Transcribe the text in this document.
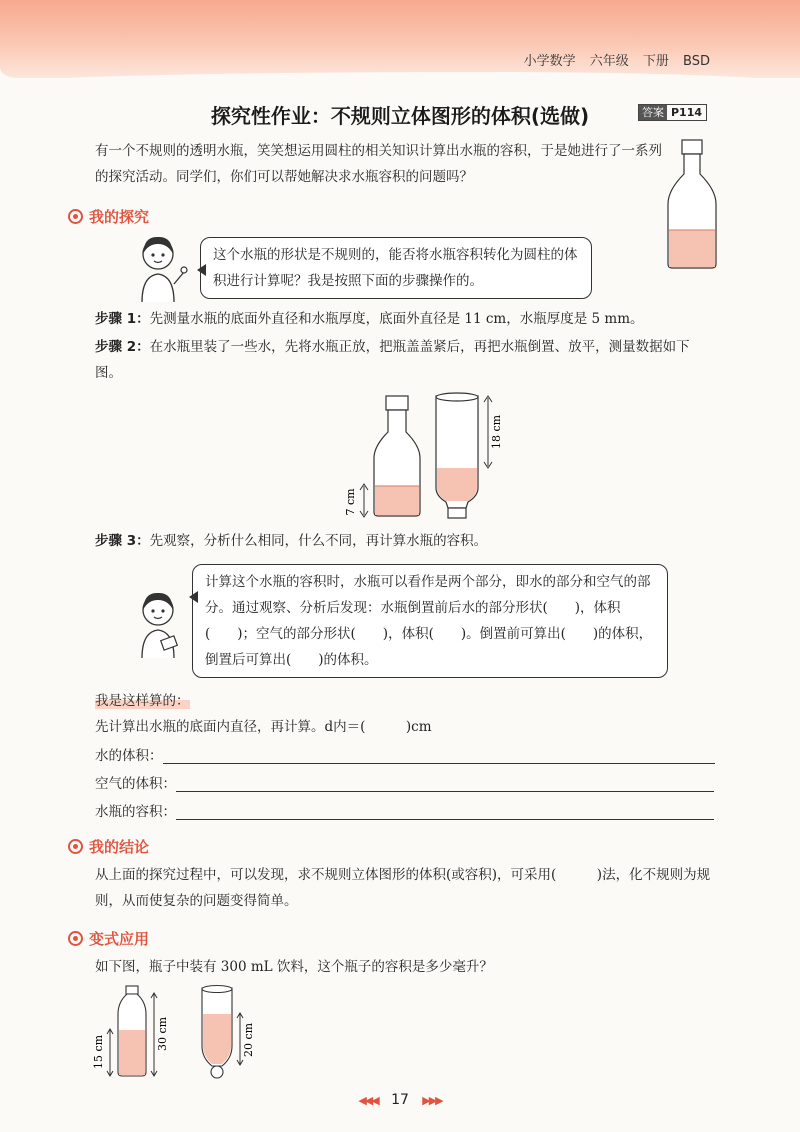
小学数学 六年级 下册 BSD
探究性作业：不规则立体图形的体积(选做)	答案 P114
有一个不规则的透明水瓶，笑笑想运用圆柱的相关知识计算出水瓶的容积，于是她进行了一系列的探究活动。同学们，你们可以帮她解决求水瓶容积的问题吗？
我的探究
这个水瓶的形状是不规则的，能否将水瓶容积转化为圆柱的体积进行计算呢？我是按照下面的步骤操作的。
步骤 1：先测量水瓶的底面外直径和水瓶厚度，底面外直径是 11 cm，水瓶厚度是 5 mm。
步骤 2：在水瓶里装了一些水，先将水瓶正放，把瓶盖盖紧后，再把水瓶倒置、放平，测量数据如下图。
7 cm
18 cm
步骤 3：先观察，分析什么相同，什么不同，再计算水瓶的容积。
计算这个水瓶的容积时，水瓶可以看作是两个部分，即水的部分和空气的部分。通过观察、分析后发现：水瓶倒置前后水的部分形状(　　)，体积(　　)；空气的部分形状(　　)，体积(　　)。倒置前可算出(　　)的体积，倒置后可算出(　　)的体积。
我是这样算的：
先计算出水瓶的底面内直径，再计算。d内＝(　　　)cm
水的体积：
空气的体积：
水瓶的容积：
我的结论
从上面的探究过程中，可以发现，求不规则立体图形的体积(或容积)，可采用(　　　)法，化不规则为规则，从而使复杂的问题变得简单。
变式应用
如下图，瓶子中装有 300 mL 饮料，这个瓶子的容积是多少毫升？
15 cm
30 cm	20 cm
◀◀◀ 17 ▶▶▶
